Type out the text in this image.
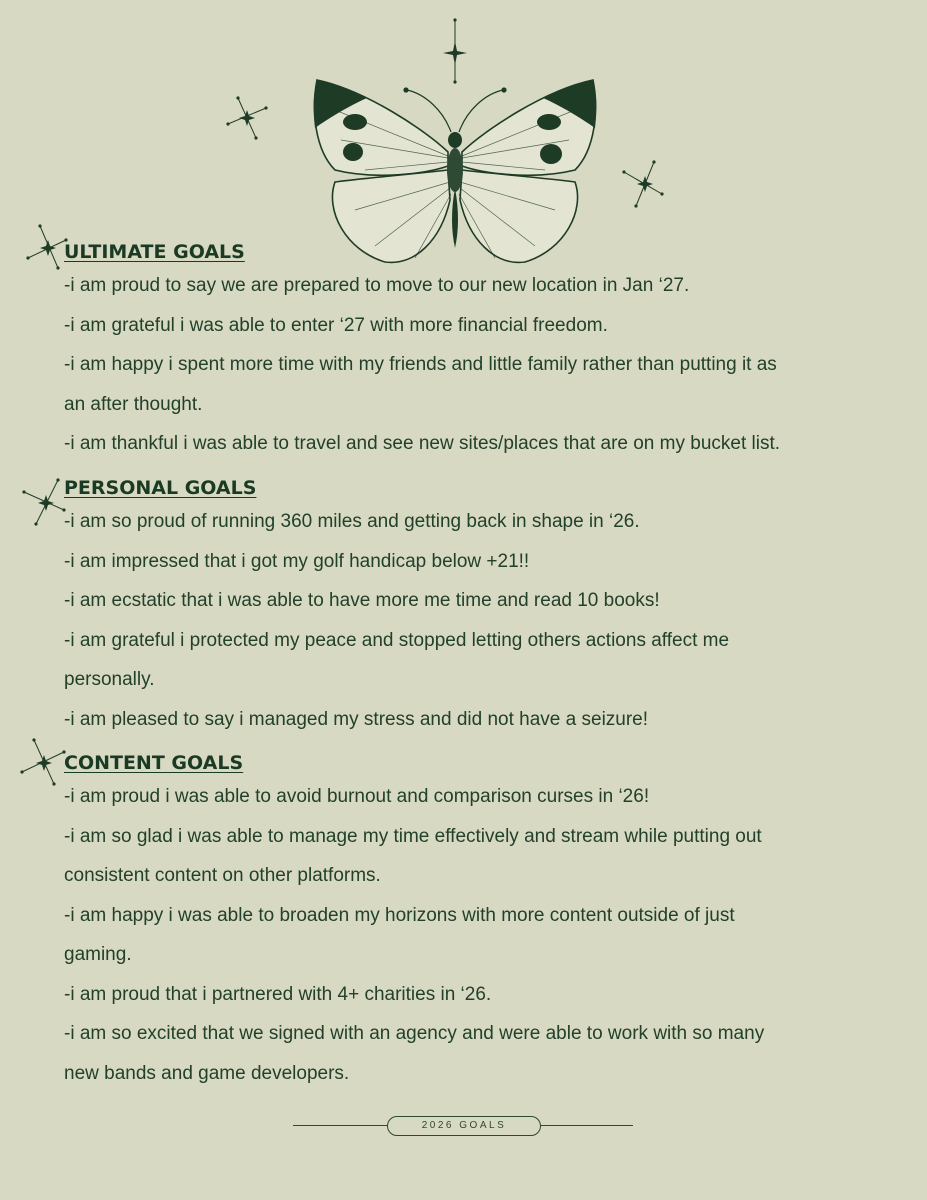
ULTIMATE GOALS
-i am proud to say we are prepared to move to our new location in Jan ‘27.
-i am grateful i was able to enter ‘27 with more financial freedom.
-i am happy i spent more time with my friends and little family rather than putting it as
an after thought.
-i am thankful i was able to travel and see new sites/places that are on my bucket list.
PERSONAL GOALS
-i am so proud of running 360 miles and getting back in shape in ‘26.
-i am impressed that i got my golf handicap below +21!!
-i am ecstatic that i was able to have more me time and read 10 books!
-i am grateful i protected my peace and stopped letting others actions affect me
personally.
-i am pleased to say i managed my stress and did not have a seizure!
CONTENT GOALS
-i am proud i was able to avoid burnout and comparison curses in ‘26!
-i am so glad i was able to manage my time effectively and stream while putting out
consistent content on other platforms.
-i am happy i was able to broaden my horizons with more content outside of just
gaming.
-i am proud that i partnered with 4+ charities in ‘26.
-i am so excited that we signed with an agency and were able to work with so many
new bands and game developers.
2026 GOALS
